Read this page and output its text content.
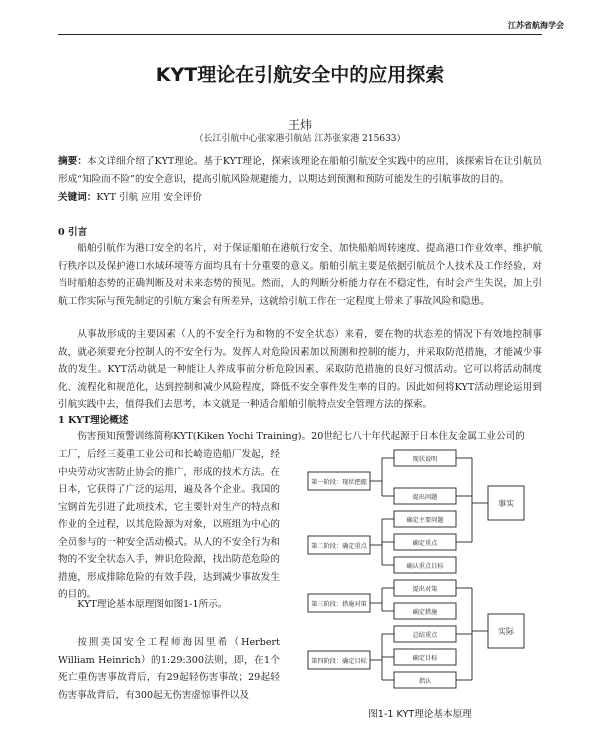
江苏省航海学会
KYT理论在引航安全中的应用探索
王炜
（长江引航中心张家港引航站 江苏张家港 215633）
摘要：本文详细介绍了KYT理论。基于KYT理论，探索该理论在船舶引航安全实践中的应用，该探索旨在让引航员形成“知险而不险”的安全意识，提高引航风险规避能力，以期达到预测和预防可能发生的引航事故的目的。
关键词：KYT 引航 应用 安全评价
0 引言
船舶引航作为港口安全的名片，对于保证船舶在港航行安全、加快船舶周转速度、提高港口作业效率、维护航行秩序以及保护港口水域环境等方面均具有十分重要的意义。船舶引航主要是依据引航员个人技术及工作经验，对当时船舶态势的正确判断及对未来态势的预见。然而，人的判断分析能力存在不稳定性，有时会产生失误，加上引航工作实际与预先制定的引航方案会有所差异，这就给引航工作在一定程度上带来了事故风险和隐患。
从事故形成的主要因素（人的不安全行为和物的不安全状态）来看，要在物的状态差的情况下有效地控制事故，就必须要充分控制人的不安全行为。发挥人对危险因素加以预测和控制的能力，并采取防范措施，才能减少事故的发生。KYT活动就是一种能让人养成事前分析危险因素、采取防范措施的良好习惯活动。它可以将活动制度化、流程化和规范化，达到控制和减少风险程度，降低不安全事件发生率的目的。因此如何将KYT活动理论运用到引航实践中去，值得我们去思考，本文就是一种适合船舶引航特点安全管理方法的探索。
1 KYT理论概述
伤害预知预警训练简称KYT(Kiken Yochi Training)。20世纪七八十年代起源于日本住友金属工业公司的
工厂，后经三菱重工业公司和长崎造造船厂发起，经中央劳动灾害防止协会的推广，形成的技术方法。在日本，它获得了广泛的运用，遍及各个企业。我国的宝钢首先引进了此项技术，它主要针对生产的特点和作业的全过程，以其危险源为对象，以班组为中心的全员参与的一种安全活动模式。从人的不安全行为和物的不安全状态入手，辨识危险源，找出防范危险的措施，形成排除危险的有效手段，达到减少事故发生的目的。
KYT理论基本原理图如图1-1所示。
按照美国安全工程师海因里希（Herbert William Heinrich）的1:29:300法则，即，在1个死亡重伤害事故背后，有29起轻伤害事故；29起轻伤害事故背后，有300起无伤害虚惊事件以及
第一阶段：现状把握
第二阶段：确定重点
第三阶段：措施对策
第四阶段：确定目标
现状说明
提出问题
确定主要问题
确定重点
确认重点目标
提出对策
确定措施
总结重点
确定目标
指认
事实
实际
图1-1 KYT理论基本原理
